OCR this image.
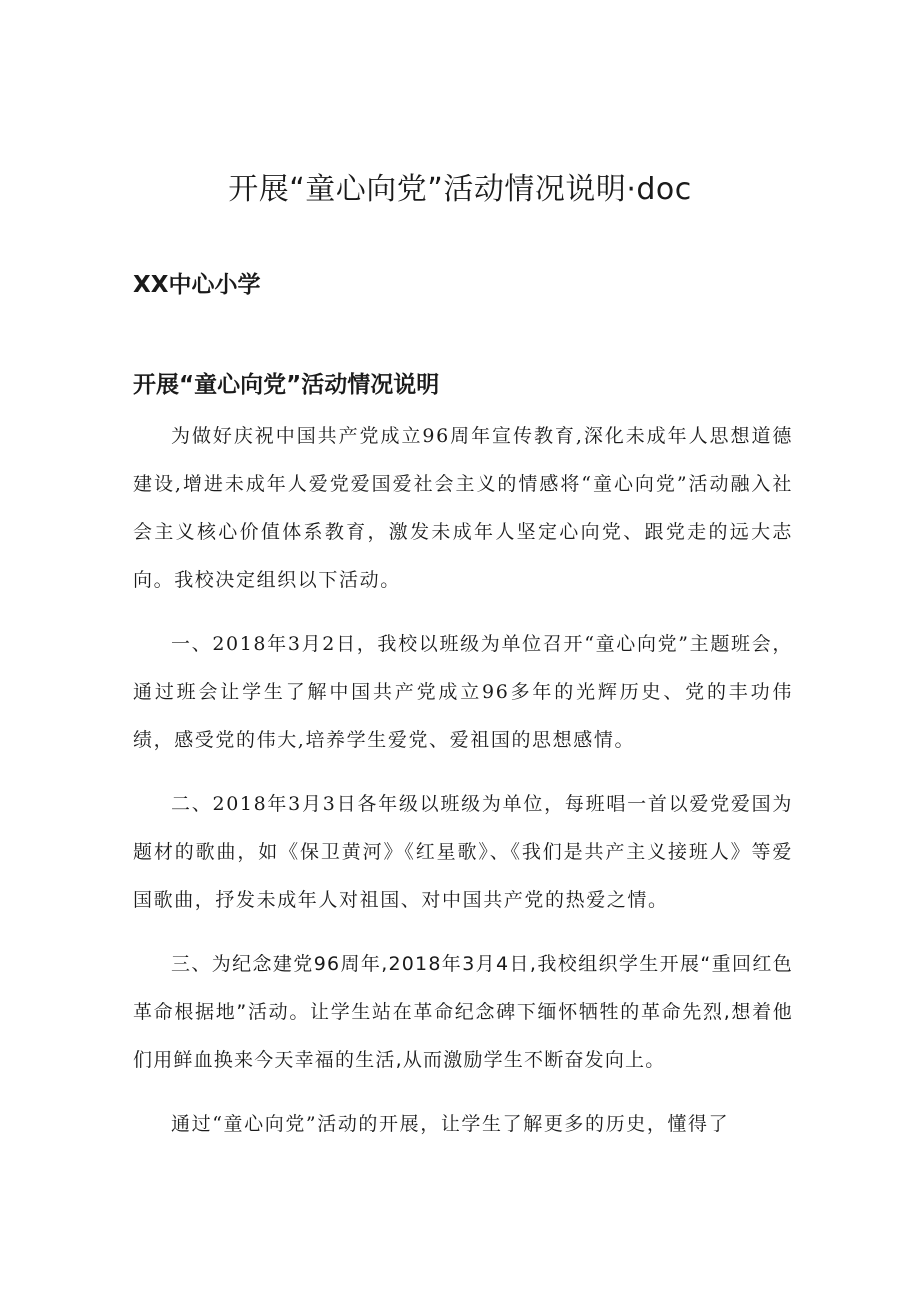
开展“童心向党”活动情况说明·doc
XX中心小学
开展“童心向党”活动情况说明

为做好庆祝中国共产党成立96周年宣传教育,深化未成年人思想道德建设,增进未成年人爱党爱国爱社会主义的情感将“童心向党”活动融入社会主义核心价值体系教育，激发未成年人坚定心向党、跟党走的远大志向。我校决定组织以下活动。

一、2018年3月2日，我校以班级为单位召开“童心向党”主题班会，通过班会让学生了解中国共产党成立96多年的光辉历史、党的丰功伟绩，感受党的伟大,培养学生爱党、爱祖国的思想感情。

二、2018年3月3日各年级以班级为单位，每班唱一首以爱党爱国为题材的歌曲，如《保卫黄河》《红星歌》、《我们是共产主义接班人》等爱国歌曲，抒发未成年人对祖国、对中国共产党的热爱之情。

三、为纪念建党96周年,2018年3月4日,我校组织学生开展“重回红色革命根据地”活动。让学生站在革命纪念碑下缅怀牺牲的革命先烈,想着他们用鲜血换来今天幸福的生活,从而激励学生不断奋发向上。

通过“童心向党”活动的开展，让学生了解更多的历史，懂得了
